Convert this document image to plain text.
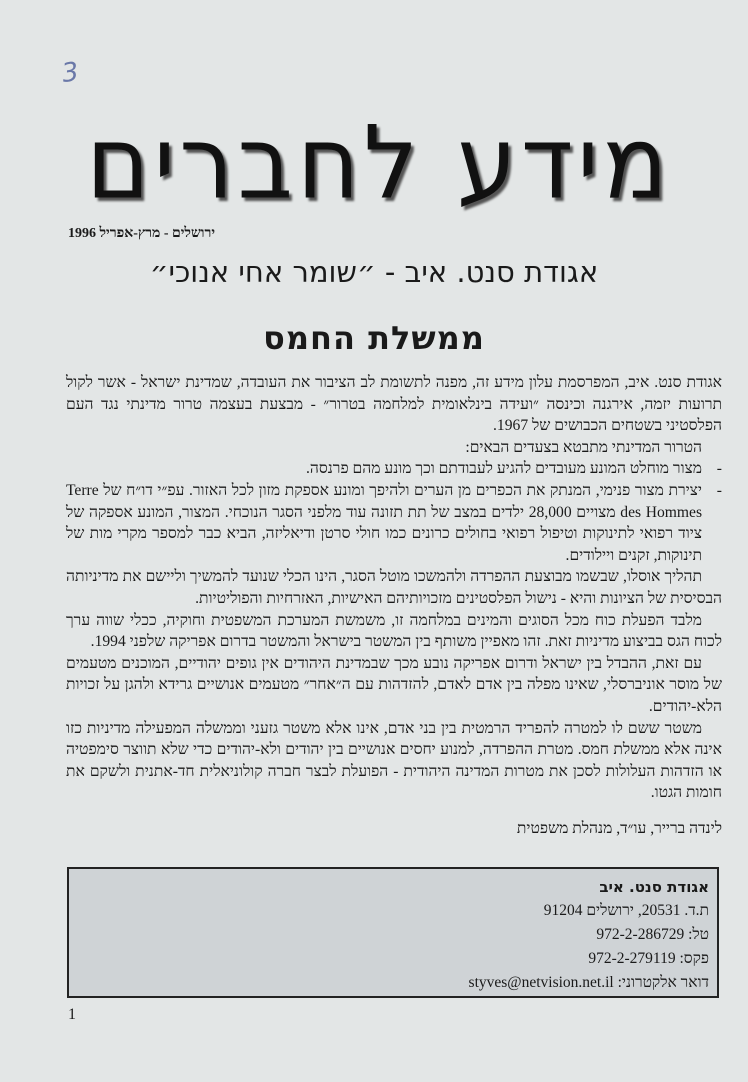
3
מידע לחברים
ירושלים - מרץ-אפריל 1996
אגודת סנט. איב - ״שומר אחי אנוכי״
ממשלת החמס

אגודת סנט. איב, המפרסמת עלון מידע זה, מפנה לתשומת לב הציבור את העובדה, שמדינת ישראל - אשר לקול תרועות יזמה, אירגנה וכינסה ״ועידה בינלאומית למלחמה בטרור״ - מבצעת בעצמה טרור מדינתי נגד העם הפלסטיני בשטחים הכבושים של 1967.

הטרור המדינתי מתבטא בצעדים הבאים:

-
מצור מוחלט המונע מעובדים להגיע לעבודתם וכך מונע מהם פרנסה.
-
יצירת מצור פנימי, המנתק את הכפרים מן הערים ולהיפך ומונע אספקת מזון לכל האזור. עפ״י דו״ח של Terre des Hommes מצויים 28,000 ילדים במצב של תת תזונה עוד מלפני הסגר הנוכחי. המצור, המונע אספקה של ציוד רפואי לתינוקות וטיפול רפואי בחולים כרונים כמו חולי סרטן ודיאליזה, הביא כבר למספר מקרי מות של תינוקות, זקנים ויילודים.

תהליך אוסלו, שבשמו מבוצעת ההפרדה ולהמשכו מוטל הסגר, הינו הכלי שנועד להמשיך וליישם את מדיניותה הבסיסית של הציונות והיא - נישול הפלסטינים מזכויותיהם האישיות, האזרחיות והפוליטיות.

מלבד הפעלת כוח מכל הסוגים והמינים במלחמה זו, משמשת המערכת המשפטית וחוקיה, ככלי שווה ערך לכוח הגס בביצוע מדיניות זאת. זהו מאפיין משותף בין המשטר בישראל והמשטר בדרום אפריקה שלפני 1994.

עם זאת, ההבדל בין ישראל ודרום אפריקה נובע מכך שבמדינת היהודים אין גופים יהודיים, המוכנים מטעמים של מוסר אוניברסלי, שאינו מפלה בין אדם לאדם, להזדהות עם ה״אחר״ מטעמים אנושיים גרידא ולהגן על זכויות הלא-יהודים.

משטר ששם לו למטרה להפריד הרמטית בין בני אדם, אינו אלא משטר גזעני וממשלה המפעילה מדיניות כזו אינה אלא ממשלת חמס. מטרת ההפרדה, למנוע יחסים אנושיים בין יהודים ולא-יהודים כדי שלא תווצר סימפטיה או הזדהות העלולות לסכן את מטרות המדינה היהודית - הפועלת לבצר חברה קולוניאלית חד-אתנית ולשקם את חומות הגטו.

לינדה ברייר, עו״ד, מנהלת משפטית

אגודת סנט. איב
ת.ד. 20531, ירושלים 91204
טל: 972-2-286729
פקס: 972-2-279119
דואר אלקטרוני: styves@netvision.net.il
1
